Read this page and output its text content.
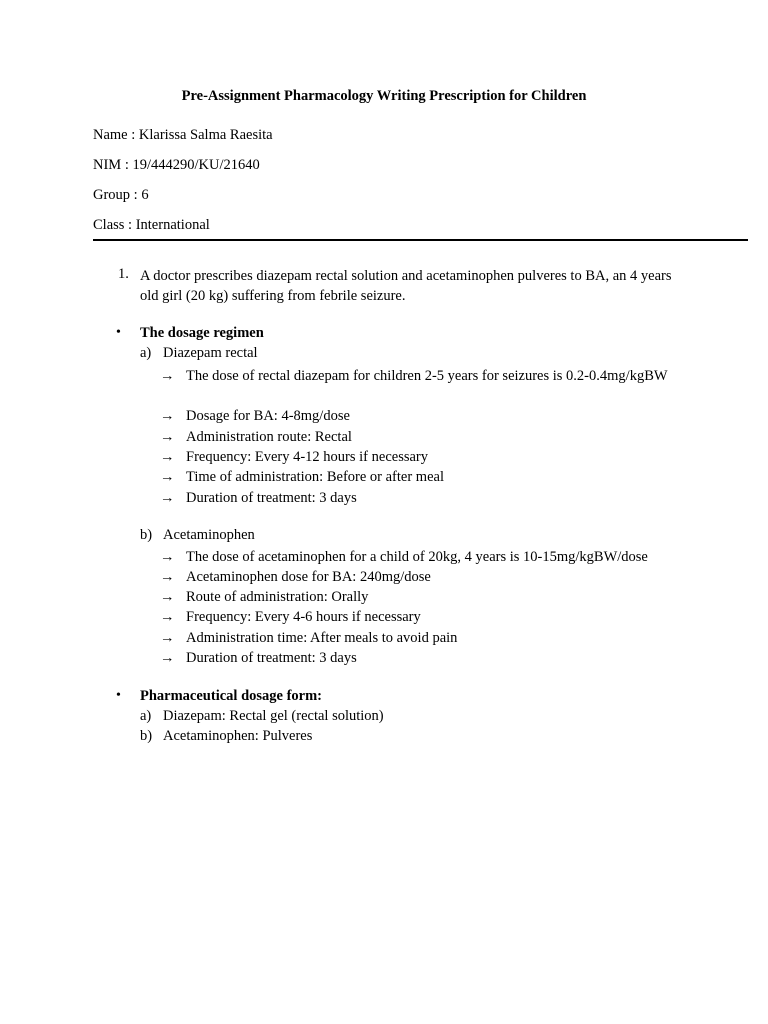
Pre-Assignment Pharmacology Writing Prescription for Children
Name : Klarissa Salma Raesita
NIM : 19/444290/KU/21640
Group : 6
Class : International
1. A doctor prescribes diazepam rectal solution and acetaminophen pulveres to BA, an 4 years old girl (20 kg) suffering from febrile seizure.
• The dosage regimen
a) Diazepam rectal
→ The dose of rectal diazepam for children 2-5 years for seizures is 0.2-0.4mg/kgBW
→ Dosage for BA: 4-8mg/dose
→ Administration route: Rectal
→ Frequency: Every 4-12 hours if necessary
→ Time of administration: Before or after meal
→ Duration of treatment: 3 days
b) Acetaminophen
→ The dose of acetaminophen for a child of 20kg, 4 years is 10-15mg/kgBW/dose
→ Acetaminophen dose for BA: 240mg/dose
→ Route of administration: Orally
→ Frequency: Every 4-6 hours if necessary
→ Administration time: After meals to avoid pain
→ Duration of treatment: 3 days
• Pharmaceutical dosage form:
a) Diazepam: Rectal gel (rectal solution)
b) Acetaminophen: Pulveres
